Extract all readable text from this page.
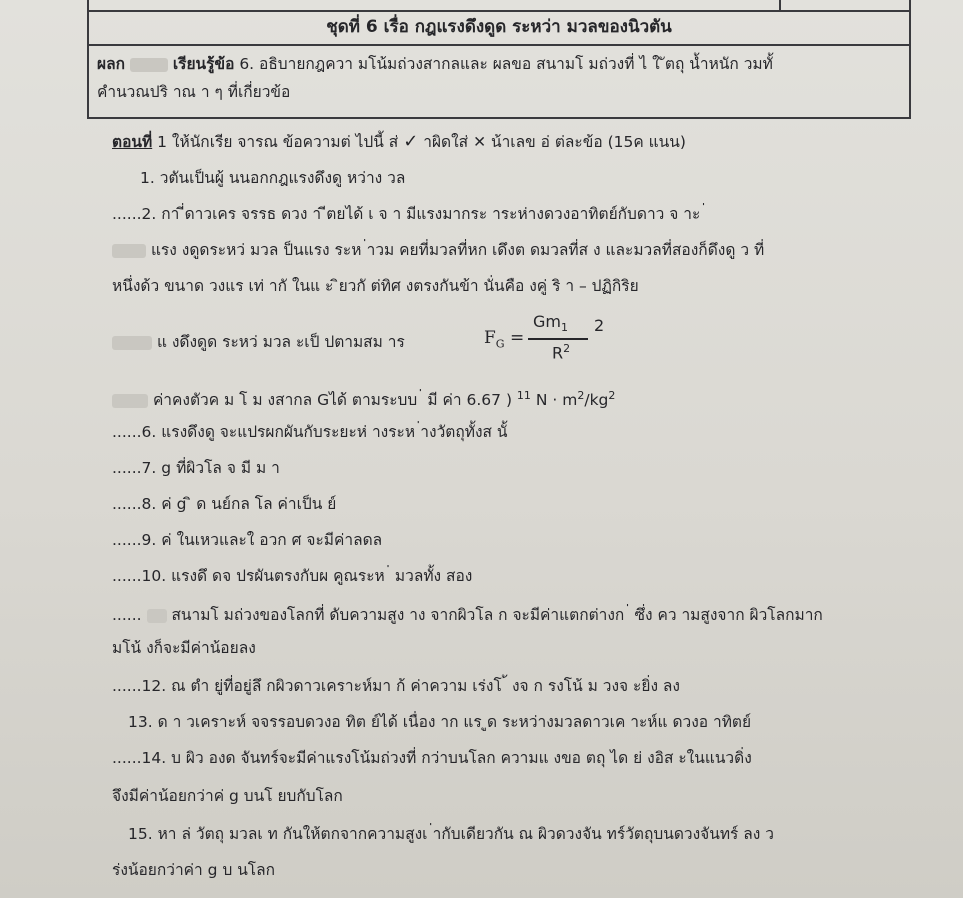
ชุดที่ 6 เรื่อ กฎแรงดึงดูด ระหว่า มวลของนิวตัน
ผลก	เรียนรู้ข้อ 6. อธิบายกฎควา มโน้มถ่วงสากลและ ผลขอ สนามโ มถ่วงที่ ไ ใ ัตถุ น้ำหนัก วมทั้
คำนวณปริ าณ า ๆ ที่เกี่ยวข้อ
ตอนที่ 1 ให้นักเรีย จารณ ข้อความต่ ไปนี้ ส่ ✓ าผิดใส่ ✕ น้าเลข อ่ ต่ละข้อ (15ค แนน)
1. วตันเป็นผู้ นนอกกฎแรงดึงดู หว่าง วล
......2. กา ี่ดาวเคร จรรธ ดวง า ีตยได้ เ จ า มีแรงมากระ าระห่างดวงอาทิตย์กับดาว จ าะ ่
แรง งดูดระหว่ มวล ป็นแรง ระห ่าวม คยที่มวลที่หก เดึงต ดมวลที่ส ง และมวลที่สองก็ดึงดู ว ที่
หนึ่งด้ว ขนาด วงแร เท่ ากั ในแ ะ ิยวกั ต่ทิศ งตรงกันข้า นั่นคือ งคู่ ริ า – ปฏิกิริย
แ งดึงดูด ระหว่ มวล ะเป็ ปตามสม าร	$F_G$ =
$Gm_1$
$R^2$
2
ค่าคงตัวค ม โ ม งสากล Gได้ ตามระบบ ่ มี ค่า 6.67 ) $^{11}$ $N \cdot m^2/kg^2$
......6. แรงดึงดู จะแปรผกผันกับระยะห่ างระห ่างวัตถุทั้งส นั้
......7. g ที่ผิวโล จ มี ม า
......8. ค่ g ิ ด นย์กล โล ค่าเป็น ย์
......9. ค่ ในเหวและใ อวก ศ จะมีค่าลดล
......10. แรงดึ ดจ ปรผันตรงกับผ คูณระห ่ มวลทั้ง สอง
...... สนามโ มถ่วงของโลกที่ ดับความสูง าง จากผิวโล ก จะมีค่าแตกต่างก ่ ซึ่ง คว ามสูงจาก ผิวโลกมาก
มโน้ งก็จะมีค่าน้อยลง
......12. ณ ตำ ยู่ที่อยู่ลึ กผิวดาวเคราะห์มา ก้ ค่าความ เร่งโ ้ งจ ก รงโน้ ม วงจ ะยิ่ง ลง
13. ด า วเคราะห์ จจรรอบดวงอ ทิต ย์ได้ เนื่อง าก แร ูด ระหว่างมวลดาวเค าะห์แ ดวงอ าทิตย์
......14. บ ผิว องด จันทร์จะมีค่าแรงโน้มถ่วงที่ กว่าบนโลก ความแ งขอ ตถุ ได ย่ งอิส ะในแนวดิ่ง
จึงมีค่าน้อยกว่าค่ g บนโ ยบกับโลก
15. หา ล่ วัตถุ มวลเ ท กันให้ตกจากความสูงเ ่ากับเดียวกัน ณ ผิวดวงจัน ทร์วัตถุบนดวงจันทร์ ลง ว
ร่งน้อยกว่าค่า g บ นโลก
